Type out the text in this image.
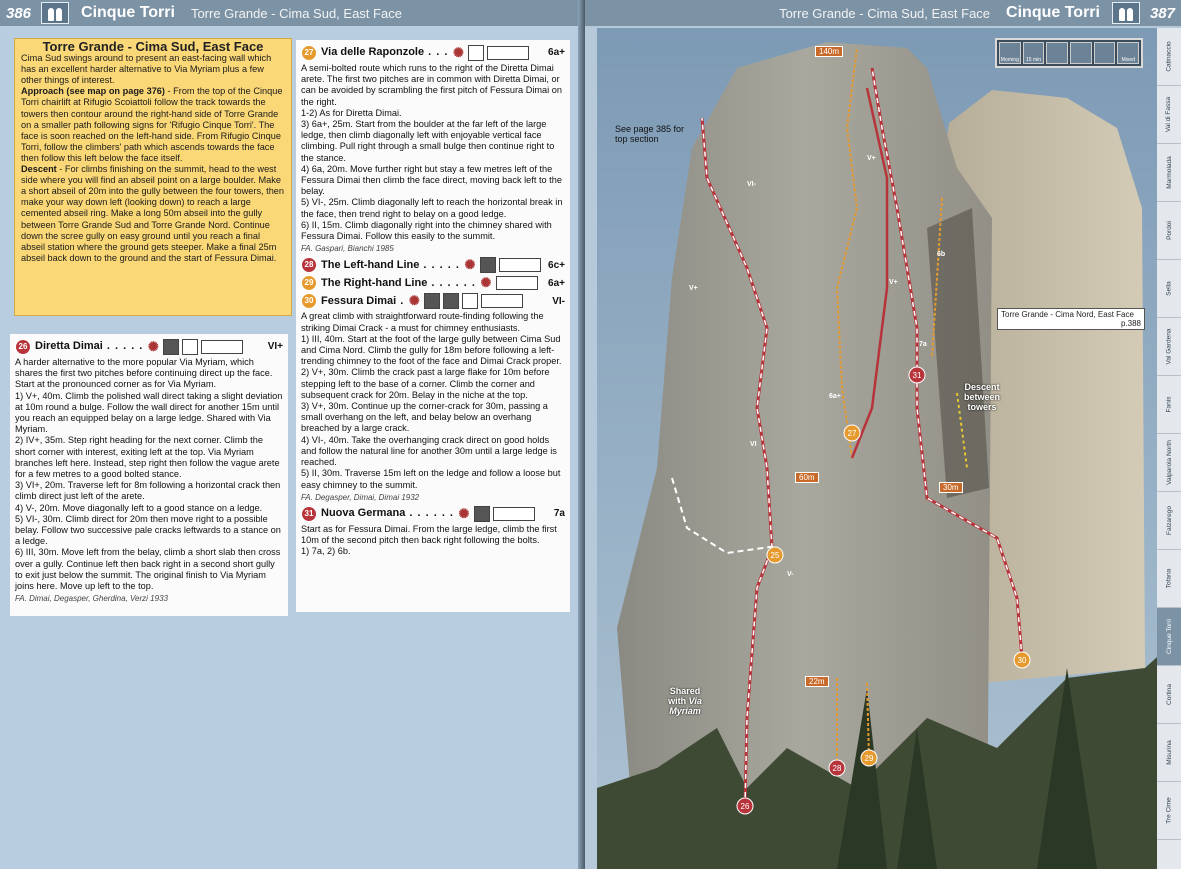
386	Cinque Torri Torre Grande - Cima Sud, East Face
Torre Grande - Cima Sud, East Face

Cima Sud swings around to present an east-facing wall which has an excellent harder alternative to Via Myriam plus a few other things of interest.

Approach (see map on page 376) - From the top of the Cinque Torri chairlift at Rifugio Scoiattoli follow the track towards the towers then contour around the right-hand side of Torre Grande on a smaller path following signs for 'Rifugio Cinque Torri'. The face is soon reached on the left-hand side. From Rifugio Cinque Torri, follow the climbers' path which ascends towards the face then follow this left below the face itself.

Descent - For climbs finishing on the summit, head to the west side where you will find an abseil point on a large boulder. Make a short abseil of 20m into the gully between the four towers, then make your way down left (looking down) to reach a large cemented abseil ring. Make a long 50m abseil into the gully between Torre Grande Sud and Torre Grande Nord. Continue down the scree gully on easy ground until you reach a final abseil station where the ground gets steeper. Make a final 25m abseil back down to the ground and the start of Fessura Dimai.

26 Diretta Dimai . . . . . ✺	VI+

A harder alternative to the more popular Via Myriam, which shares the first two pitches before continuing direct up the face. Start at the pronounced corner as for Via Myriam.

1) V+, 40m. Climb the polished wall direct taking a slight deviation at 10m round a bulge. Follow the wall direct for another 15m until you reach an equipped belay on a large ledge. Shared with Via Myriam.

2) IV+, 35m. Step right heading for the next corner. Climb the short corner with interest, exiting left at the top. Via Myriam branches left here. Instead, step right then follow the vague arete for a few metres to a good bolted stance.

3) VI+, 20m. Traverse left for 8m following a horizontal crack then climb direct just left of the arete.

4) V-, 20m. Move diagonally left to a good stance on a ledge.

5) VI-, 30m. Climb direct for 20m then move right to a possible belay. Follow two successive pale cracks leftwards to a stance on a ledge.

6) III, 30m. Move left from the belay, climb a short slab then cross over a gully. Continue left then back right in a second short gully to exit just below the summit. The original finish to Via Myriam joins here. Move up left to the top.

FA. Dimai, Degasper, Gherdina, Verzi 1933

27 Via delle Raponzole . . . ✺	6a+

A semi-bolted route which runs to the right of the Diretta Dimai arete. The first two pitches are in common with Diretta Dimai, or can be avoided by scrambling the first pitch of Fessura Dimai on the right.

1-2) As for Diretta Dimai.

3) 6a+, 25m. Start from the boulder at the far left of the large ledge, then climb diagonally left with enjoyable vertical face climbing. Pull right through a small bulge then continue right to the stance.

4) 6a, 20m. Move further right but stay a few metres left of the Fessura Dimai then climb the face direct, moving back left to the belay.

5) VI-, 25m. Climb diagonally left to reach the horizontal break in the face, then trend right to belay on a good ledge.

6) II, 15m. Climb diagonally right into the chimney shared with Fessura Dimai. Follow this easily to the summit.

FA. Gaspari, Bianchi 1985

28 The Left-hand Line . . . . . ✺	6c+
29 The Right-hand Line . . . . . . ✺	6a+
30 Fessura Dimai . ✺	VI-

A great climb with straightforward route-finding following the striking Dimai Crack - a must for chimney enthusiasts.

1) III, 40m. Start at the foot of the large gully between Cima Sud and Cima Nord. Climb the gully for 18m before following a left-trending chimney to the foot of the face and Dimai Crack proper.

2) V+, 30m. Climb the crack past a large flake for 10m before stepping left to the base of a corner. Climb the corner and subsequent crack for 20m. Belay in the niche at the top.

3) V+, 30m. Continue up the corner-crack for 30m, passing a small overhang on the left, and belay below an overhang breached by a large crack.

4) VI-, 40m. Take the overhanging crack direct on good holds and follow the natural line for another 30m until a large ledge is reached.

5) II, 30m. Traverse 15m left on the ledge and follow a loose but easy chimney to the summit.

FA. Degasper, Dimai, Dimai 1932

31 Nuova Germana . . . . . . ✺	7a

Start as for Fessura Dimai. From the large ledge, climb the first 10m of the second pitch then back right following the bolts.

1) 7a, 2) 6b.

Torre Grande - Cima Sud, East Face Cinque Torri	387
26
27
28
29
30
31
25
V+
VI-
V+
6a+
VI
V-
6b
7a
V+
Torre Grande - Cima Nord, East Face

p.388
See page 385 for top section
Descent between towers
Shared
with Via Myriam
140m
60m
30m
22m
Catinaccio
Val di Fassa
Marmolada
Pordoi
Sella
Val Gardena
Fanis
Valparola North
Falzarego
Tofana
Cinque Torri
Cortina
Misurina
Tre Cime
Morning 15 min	Mixed
